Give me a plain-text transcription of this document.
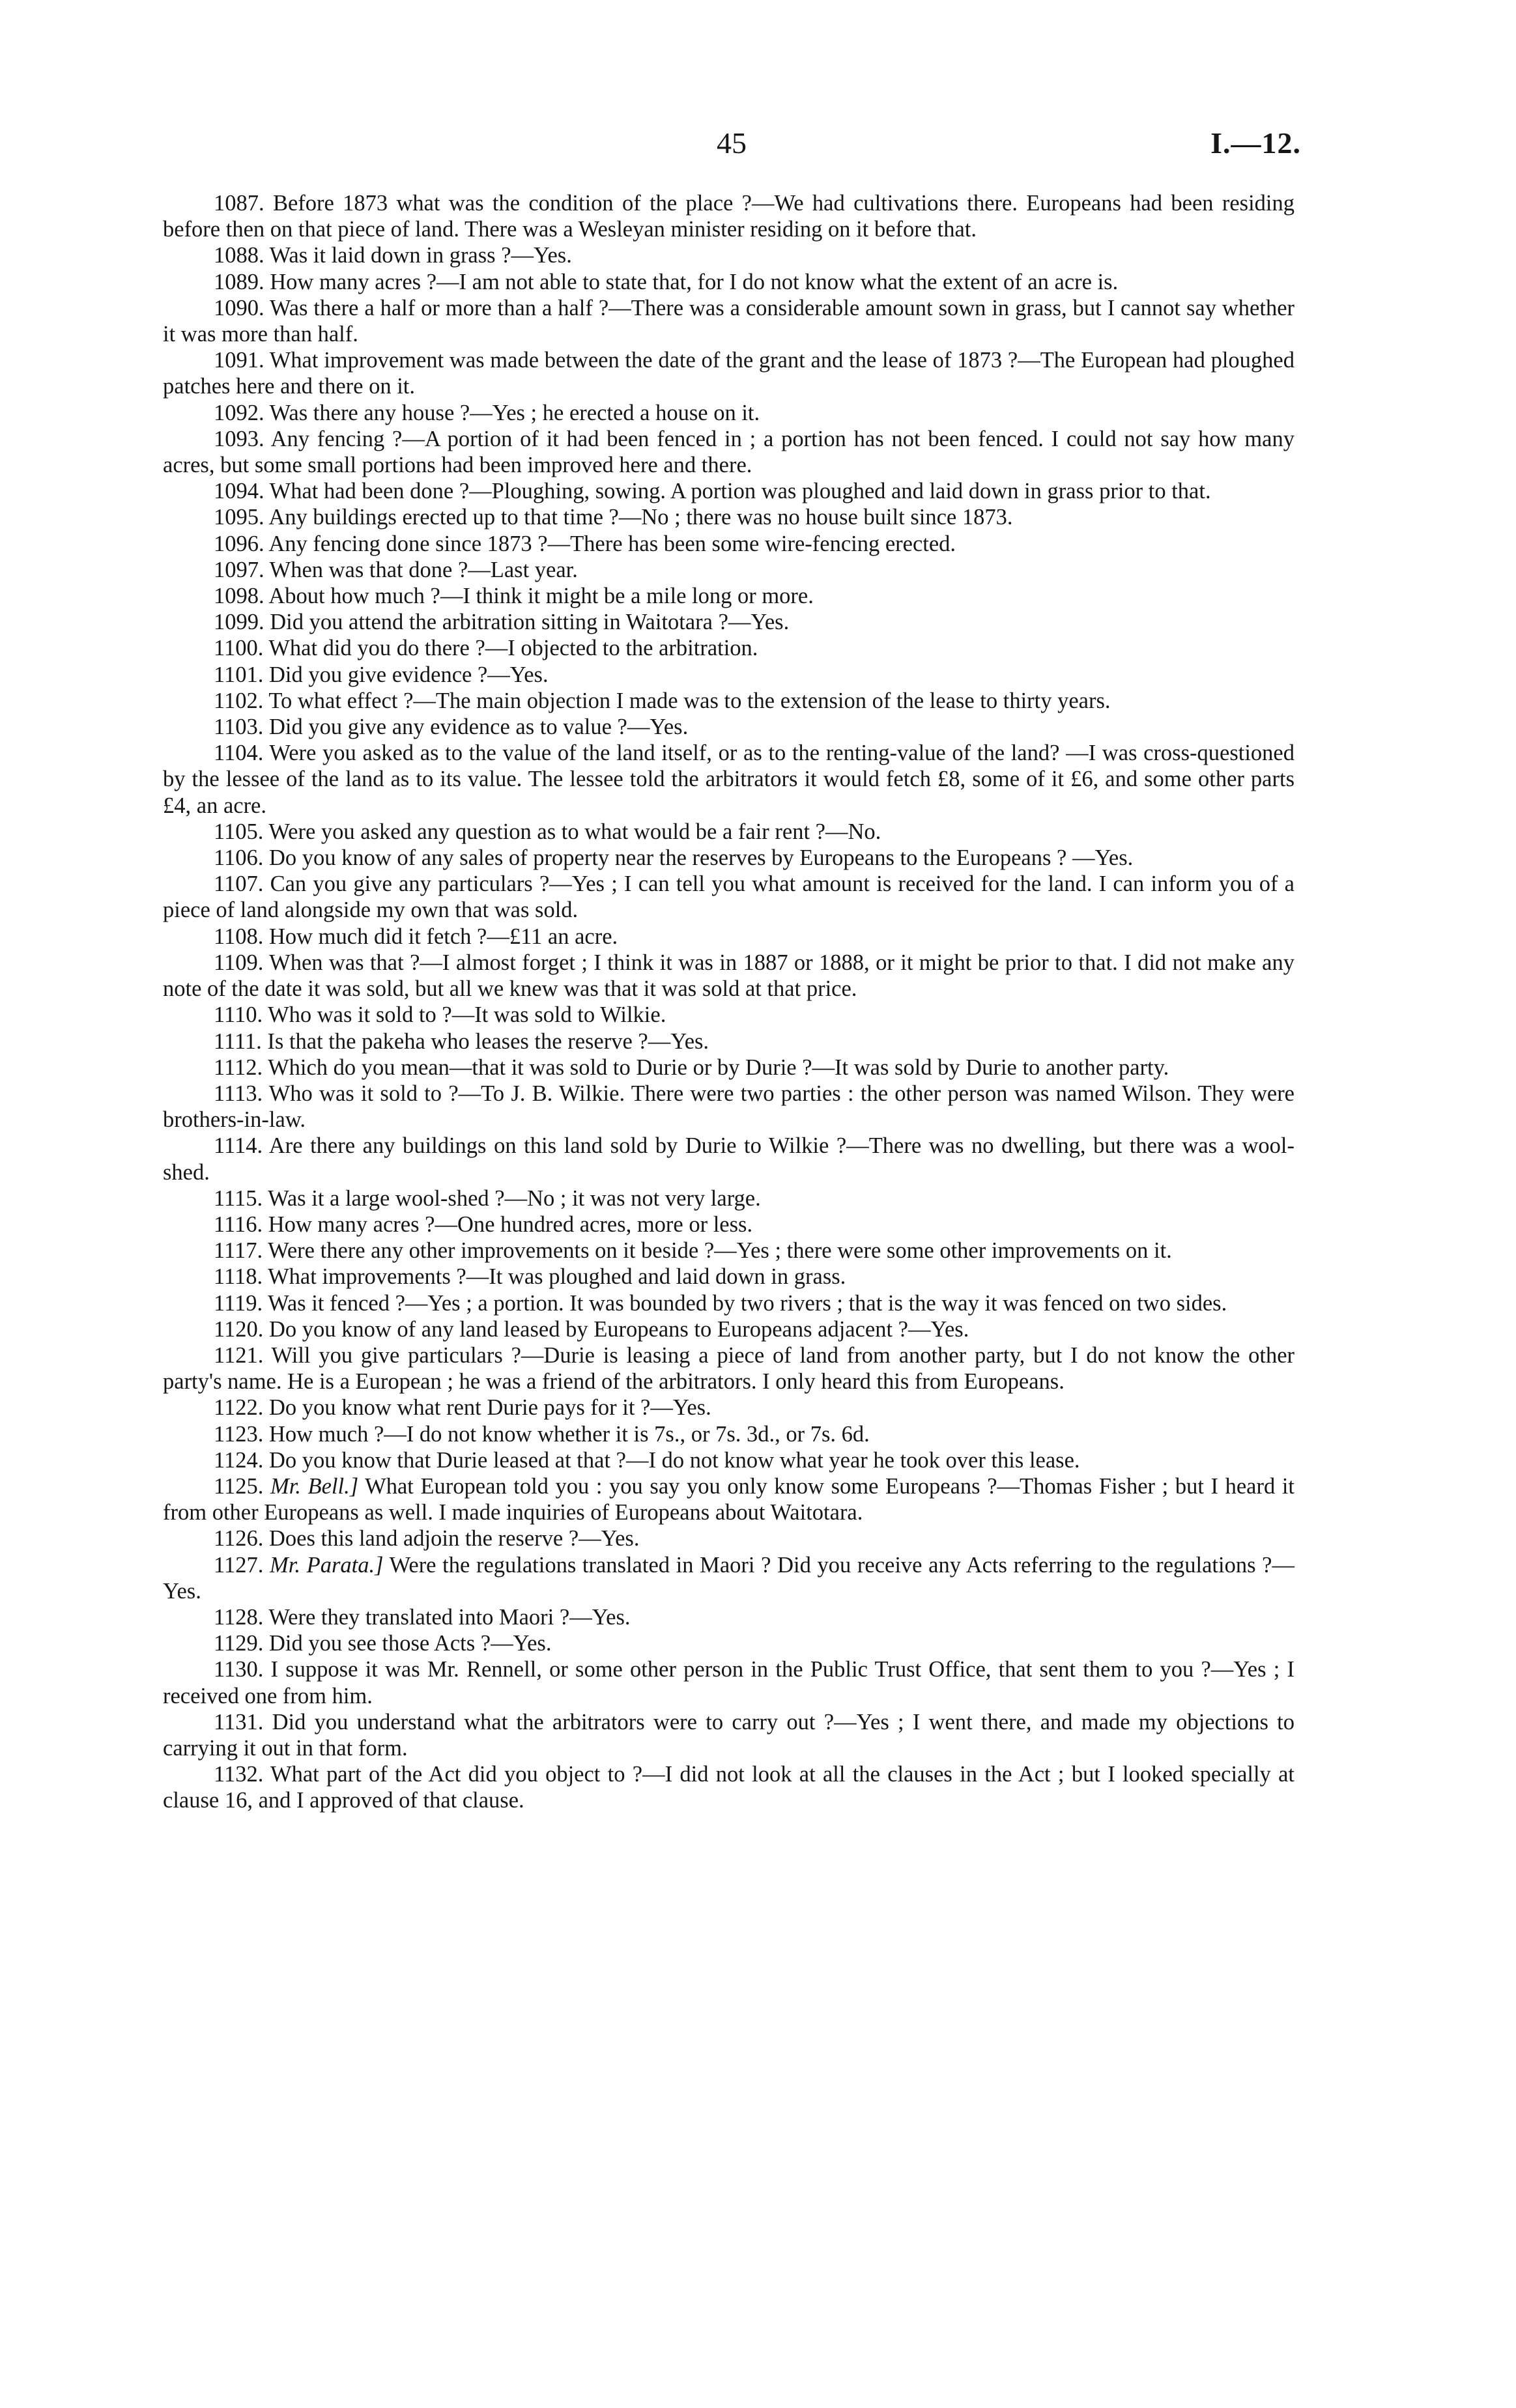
45	I.—12.

1087. Before 1873 what was the condition of the place ?—We had cultivations there. Europeans had been residing before then on that piece of land. There was a Wesleyan minister residing on it before that.

1088. Was it laid down in grass ?—Yes.

1089. How many acres ?—I am not able to state that, for I do not know what the extent of an acre is.

1090. Was there a half or more than a half ?—There was a considerable amount sown in grass, but I cannot say whether it was more than half.

1091. What improvement was made between the date of the grant and the lease of 1873 ?—The European had ploughed patches here and there on it.

1092. Was there any house ?—Yes ; he erected a house on it.

1093. Any fencing ?—A portion of it had been fenced in ; a portion has not been fenced. I could not say how many acres, but some small portions had been improved here and there.

1094. What had been done ?—Ploughing, sowing. A portion was ploughed and laid down in grass prior to that.

1095. Any buildings erected up to that time ?—No ; there was no house built since 1873.

1096. Any fencing done since 1873 ?—There has been some wire-fencing erected.

1097. When was that done ?—Last year.

1098. About how much ?—I think it might be a mile long or more.

1099. Did you attend the arbitration sitting in Waitotara ?—Yes.

1100. What did you do there ?—I objected to the arbitration.

1101. Did you give evidence ?—Yes.

1102. To what effect ?—The main objection I made was to the extension of the lease to thirty years.

1103. Did you give any evidence as to value ?—Yes.

1104. Were you asked as to the value of the land itself, or as to the renting-value of the land? —I was cross-questioned by the lessee of the land as to its value. The lessee told the arbitrators it would fetch £8, some of it £6, and some other parts £4, an acre.

1105. Were you asked any question as to what would be a fair rent ?—No.

1106. Do you know of any sales of property near the reserves by Europeans to the Europeans ? —Yes.

1107. Can you give any particulars ?—Yes ; I can tell you what amount is received for the land. I can inform you of a piece of land alongside my own that was sold.

1108. How much did it fetch ?—£11 an acre.

1109. When was that ?—I almost forget ; I think it was in 1887 or 1888, or it might be prior to that. I did not make any note of the date it was sold, but all we knew was that it was sold at that price.

1110. Who was it sold to ?—It was sold to Wilkie.

1111. Is that the pakeha who leases the reserve ?—Yes.

1112. Which do you mean—that it was sold to Durie or by Durie ?—It was sold by Durie to another party.

1113. Who was it sold to ?—To J. B. Wilkie. There were two parties : the other person was named Wilson. They were brothers-in-law.

1114. Are there any buildings on this land sold by Durie to Wilkie ?—There was no dwelling, but there was a wool-shed.

1115. Was it a large wool-shed ?—No ; it was not very large.

1116. How many acres ?—One hundred acres, more or less.

1117. Were there any other improvements on it beside ?—Yes ; there were some other improvements on it.

1118. What improvements ?—It was ploughed and laid down in grass.

1119. Was it fenced ?—Yes ; a portion. It was bounded by two rivers ; that is the way it was fenced on two sides.

1120. Do you know of any land leased by Europeans to Europeans adjacent ?—Yes.

1121. Will you give particulars ?—Durie is leasing a piece of land from another party, but I do not know the other party's name. He is a European ; he was a friend of the arbitrators. I only heard this from Europeans.

1122. Do you know what rent Durie pays for it ?—Yes.

1123. How much ?—I do not know whether it is 7s., or 7s. 3d., or 7s. 6d.

1124. Do you know that Durie leased at that ?—I do not know what year he took over this lease.

1125. Mr. Bell.] What European told you : you say you only know some Europeans ?—Thomas Fisher ; but I heard it from other Europeans as well. I made inquiries of Europeans about Waitotara.

1126. Does this land adjoin the reserve ?—Yes.

1127. Mr. Parata.] Were the regulations translated in Maori ? Did you receive any Acts referring to the regulations ?—Yes.

1128. Were they translated into Maori ?—Yes.

1129. Did you see those Acts ?—Yes.

1130. I suppose it was Mr. Rennell, or some other person in the Public Trust Office, that sent them to you ?—Yes ; I received one from him.

1131. Did you understand what the arbitrators were to carry out ?—Yes ; I went there, and made my objections to carrying it out in that form.

1132. What part of the Act did you object to ?—I did not look at all the clauses in the Act ; but I looked specially at clause 16, and I approved of that clause.
